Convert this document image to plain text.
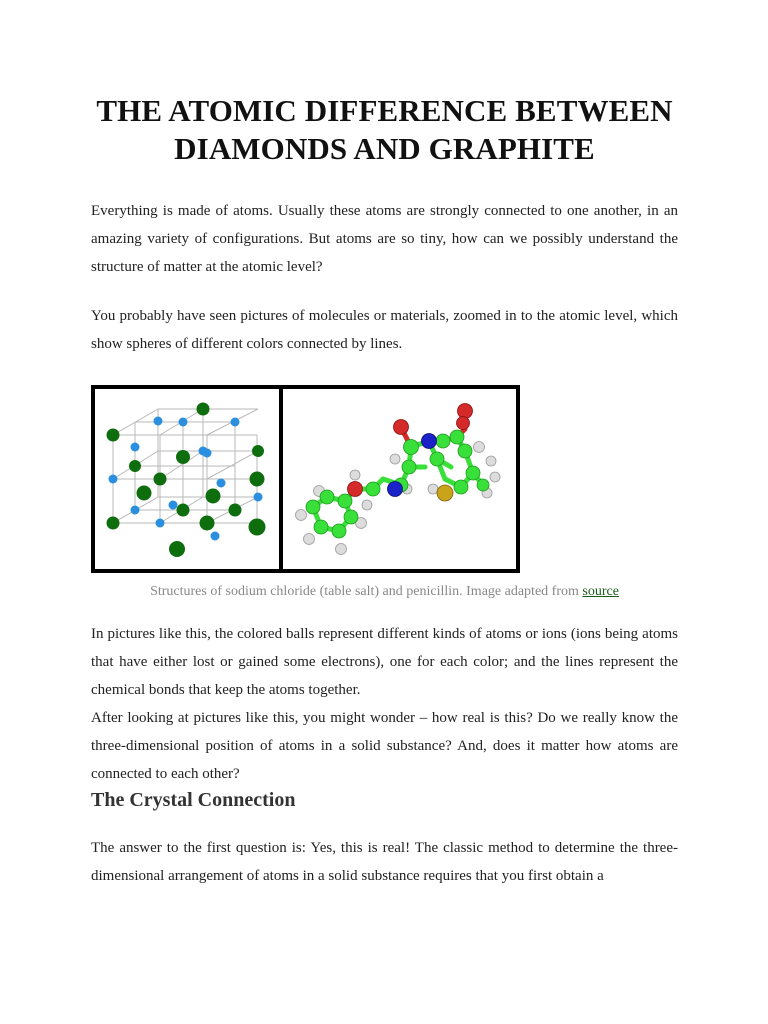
THE ATOMIC DIFFERENCE BETWEEN DIAMONDS AND GRAPHITE

Everything is made of atoms. Usually these atoms are strongly connected to one another, in an amazing variety of configurations. But atoms are so tiny, how can we possibly understand the structure of matter at the atomic level?

You probably have seen pictures of molecules or materials, zoomed in to the atomic level, which show spheres of different colors connected by lines.

Structures of sodium chloride (table salt) and penicillin. Image adapted from source

In pictures like this, the colored balls represent different kinds of atoms or ions (ions being atoms that have either lost or gained some electrons), one for each color; and the lines represent the chemical bonds that keep the atoms together.

After looking at pictures like this, you might wonder – how real is this? Do we really know the three-dimensional position of atoms in a solid substance? And, does it matter how atoms are connected to each other?

The Crystal Connection

The answer to the first question is: Yes, this is real! The classic method to determine the three-dimensional arrangement of atoms in a solid substance requires that you first obtain a
